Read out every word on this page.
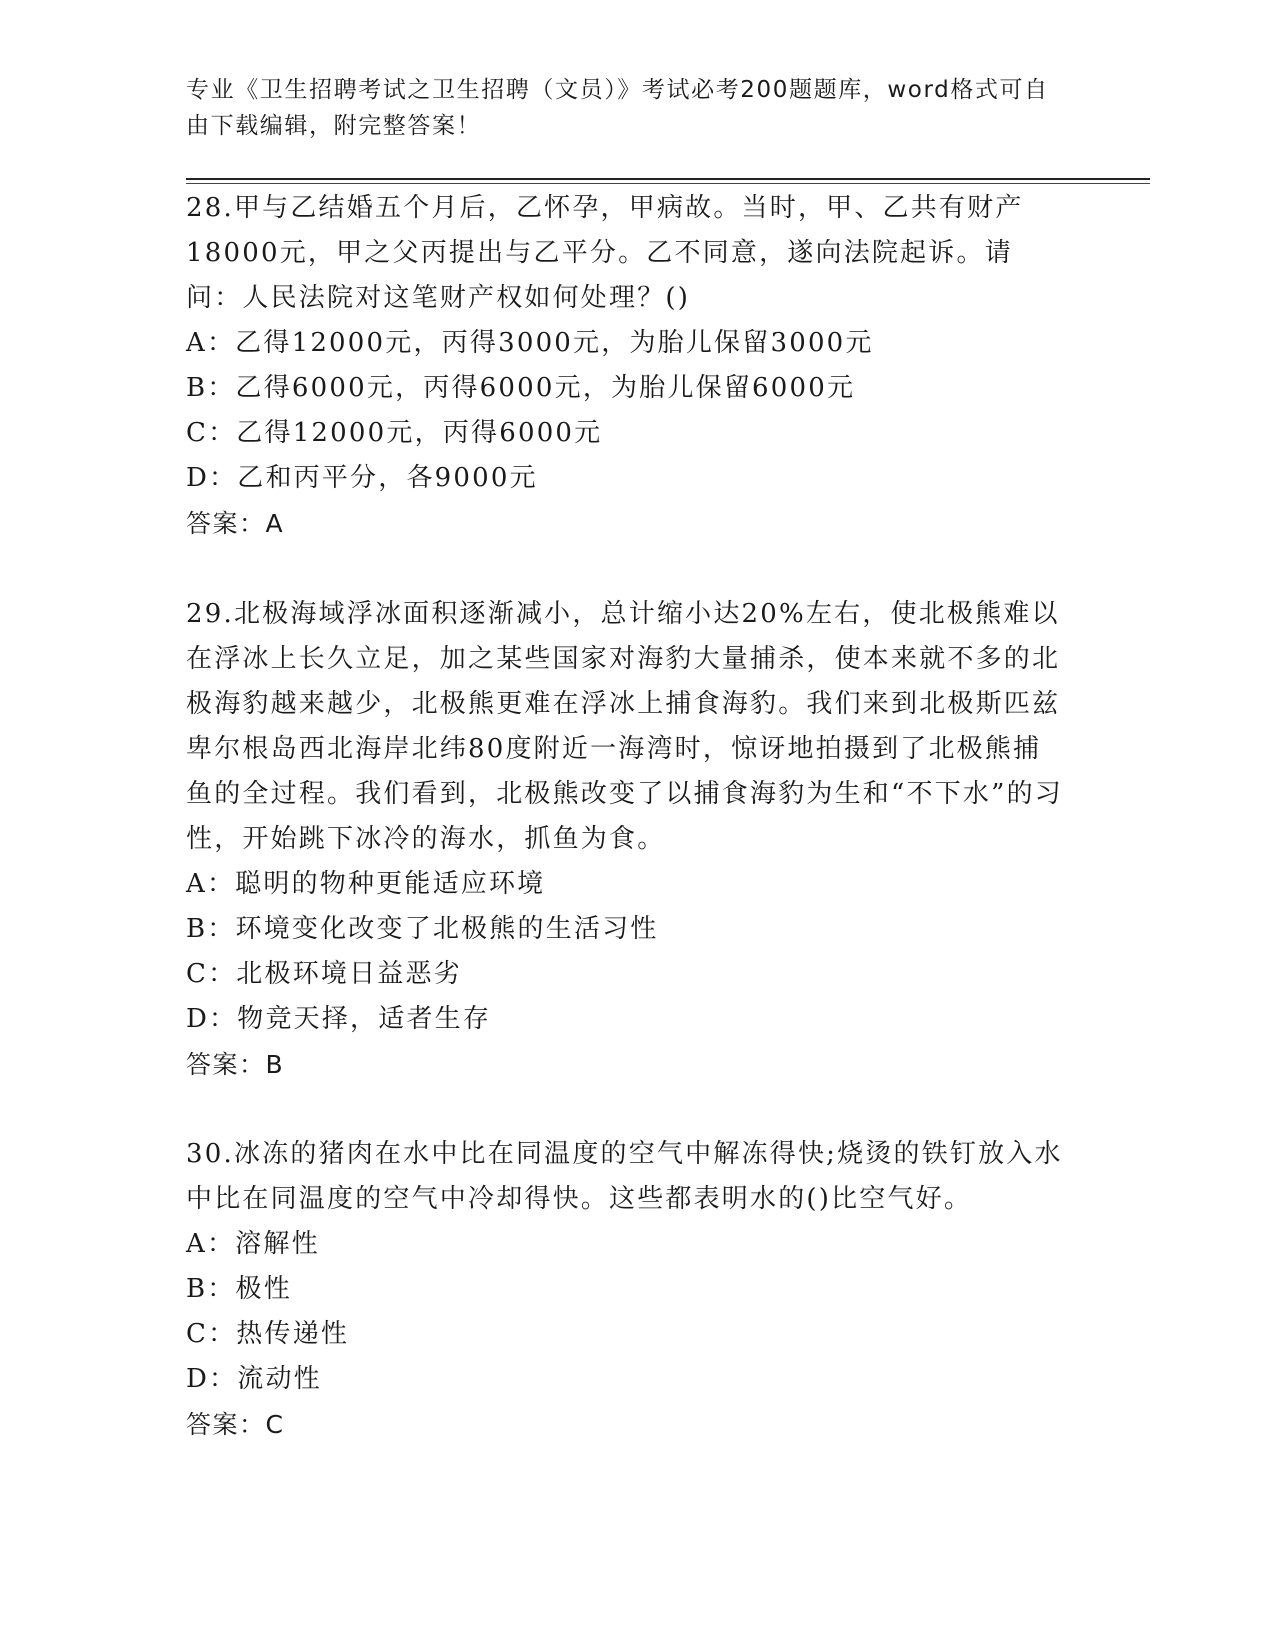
专业《卫生招聘考试之卫生招聘（文员）》考试必考200题题库，word格式可自由下载编辑，附完整答案！
28.甲与乙结婚五个月后，乙怀孕，甲病故。当时，甲、乙共有财产18000元，甲之父丙提出与乙平分。乙不同意，遂向法院起诉。请问：人民法院对这笔财产权如何处理？()
A：乙得12000元，丙得3000元，为胎儿保留3000元
B：乙得6000元，丙得6000元，为胎儿保留6000元
C：乙得12000元，丙得6000元
D：乙和丙平分，各9000元
答案：A
29.北极海域浮冰面积逐渐减小，总计缩小达20%左右，使北极熊难以在浮冰上长久立足，加之某些国家对海豹大量捕杀，使本来就不多的北极海豹越来越少，北极熊更难在浮冰上捕食海豹。我们来到北极斯匹兹卑尔根岛西北海岸北纬80度附近一海湾时，惊讶地拍摄到了北极熊捕鱼的全过程。我们看到，北极熊改变了以捕食海豹为生和“不下水”的习性，开始跳下冰冷的海水，抓鱼为食。
A：聪明的物种更能适应环境
B：环境变化改变了北极熊的生活习性
C：北极环境日益恶劣
D：物竞天择，适者生存
答案：B
30.冰冻的猪肉在水中比在同温度的空气中解冻得快;烧烫的铁钉放入水中比在同温度的空气中冷却得快。这些都表明水的()比空气好。
A：溶解性
B：极性
C：热传递性
D：流动性
答案：C
